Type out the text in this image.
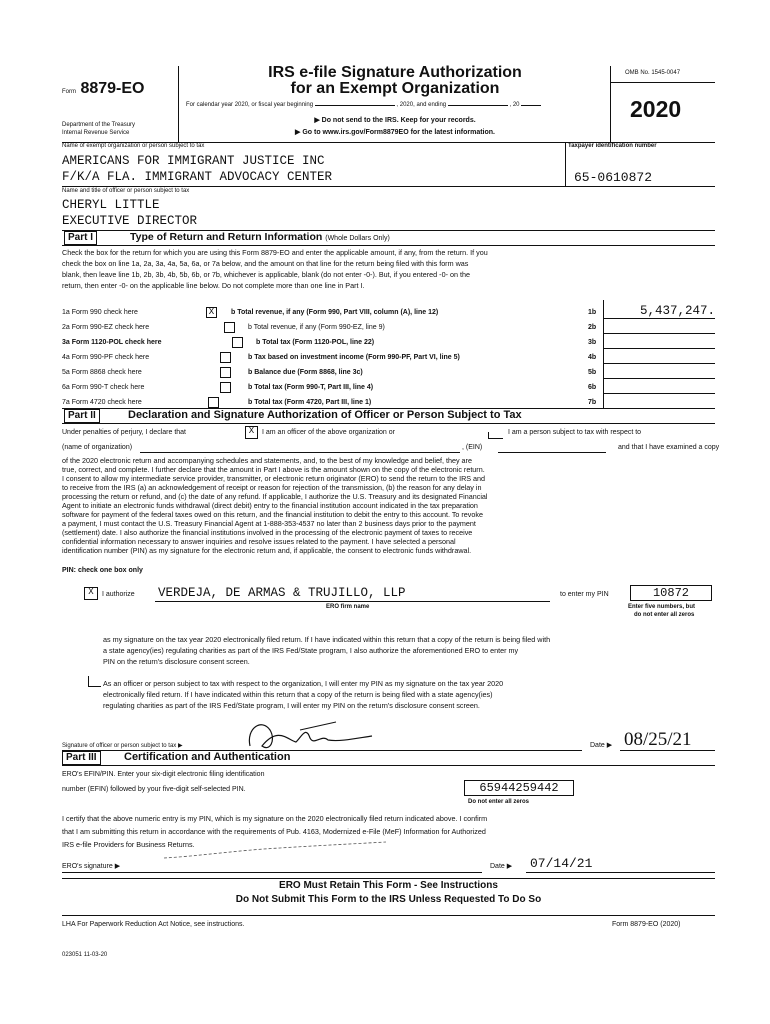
Form 8879-EO
Department of the Treasury
Internal Revenue Service
IRS e-file Signature Authorization
for an Exempt Organization
For calendar year 2020, or fiscal year beginning	, 2020, and ending	, 20
▶ Do not send to the IRS. Keep for your records.
▶ Go to www.irs.gov/Form8879EO for the latest information.
OMB No. 1545-0047
2020
Name of exempt organization or person subject to tax
AMERICANS FOR IMMIGRANT JUSTICE INC
F/K/A FLA. IMMIGRANT ADVOCACY CENTER
Taxpayer identification number
65-0610872
Name and title of officer or person subject to tax
CHERYL LITTLE
EXECUTIVE DIRECTOR
Part I	Type of Return and Return Information (Whole Dollars Only)
Check the box for the return for which you are using this Form 8879-EO and enter the applicable amount, if any, from the return. If you
check the box on line 1a, 2a, 3a, 4a, 5a, 6a, or 7a below, and the amount on that line for the return being filed with this form was
blank, then leave line 1b, 2b, 3b, 4b, 5b, 6b, or 7b, whichever is applicable, blank (do not enter -0-). But, if you entered -0- on the
return, then enter -0- on the applicable line below. Do not complete more than one line in Part I.
1a Form 990 check here	X	b Total revenue, if any (Form 990, Part VIII, column (A), line 12)	1b	5,437,247.
2a Form 990-EZ check here	b Total revenue, if any (Form 990-EZ, line 9)	2b
3a Form 1120-POL check here	b Total tax (Form 1120-POL, line 22)	3b
4a Form 990-PF check here	b Tax based on investment income (Form 990-PF, Part VI, line 5)	4b
5a Form 8868 check here	b Balance due (Form 8868, line 3c)	5b
6a Form 990-T check here	b Total tax (Form 990-T, Part III, line 4)	6b
7a Form 4720 check here	b Total tax (Form 4720, Part III, line 1)	7b
Part II	Declaration and Signature Authorization of Officer or Person Subject to Tax
Under penalties of perjury, I declare that	X	I am an officer of the above organization or	I am a person subject to tax with respect to
(name of organization)	, (EIN)	and that I have examined a copy
of the 2020 electronic return and accompanying schedules and statements, and, to the best of my knowledge and belief, they are
true, correct, and complete. I further declare that the amount in Part I above is the amount shown on the copy of the electronic return.
I consent to allow my intermediate service provider, transmitter, or electronic return originator (ERO) to send the return to the IRS and
to receive from the IRS (a) an acknowledgement of receipt or reason for rejection of the transmission, (b) the reason for any delay in
processing the return or refund, and (c) the date of any refund. If applicable, I authorize the U.S. Treasury and its designated Financial
Agent to initiate an electronic funds withdrawal (direct debit) entry to the financial institution account indicated in the tax preparation
software for payment of the federal taxes owed on this return, and the financial institution to debit the entry to this account. To revoke
a payment, I must contact the U.S. Treasury Financial Agent at 1-888-353-4537 no later than 2 business days prior to the payment
(settlement) date. I also authorize the financial institutions involved in the processing of the electronic payment of taxes to receive
confidential information necessary to answer inquiries and resolve issues related to the payment. I have selected a personal
identification number (PIN) as my signature for the electronic return and, if applicable, the consent to electronic funds withdrawal.
PIN: check one box only
X	I authorize VERDEJA, DE ARMAS & TRUJILLO, LLP
ERO firm name
to enter my PIN	10872
Enter five numbers, but
do not enter all zeros
as my signature on the tax year 2020 electronically filed return. If I have indicated within this return that a copy of the return is being filed with
a state agency(ies) regulating charities as part of the IRS Fed/State program, I also authorize the aforementioned ERO to enter my
PIN on the return's disclosure consent screen.
As an officer or person subject to tax with respect to the organization, I will enter my PIN as my signature on the tax year 2020
electronically filed return. If I have indicated within this return that a copy of the return is being filed with a state agency(ies)
regulating charities as part of the IRS Fed/State program, I will enter my PIN on the return's disclosure consent screen.
Signature of officer or person subject to tax ▶	Date ▶ 08/25/21
Part III	Certification and Authentication
ERO's EFIN/PIN. Enter your six-digit electronic filing identification
number (EFIN) followed by your five-digit self-selected PIN.	65944259442
Do not enter all zeros
I certify that the above numeric entry is my PIN, which is my signature on the 2020 electronically filed return indicated above. I confirm
that I am submitting this return in accordance with the requirements of Pub. 4163, Modernized e-File (MeF) Information for Authorized
IRS e-file Providers for Business Returns.
ERO's signature ▶	Date ▶ 07/14/21
ERO Must Retain This Form - See Instructions
Do Not Submit This Form to the IRS Unless Requested To Do So
LHA For Paperwork Reduction Act Notice, see instructions.	Form 8879-EO (2020)
023051 11-03-20
